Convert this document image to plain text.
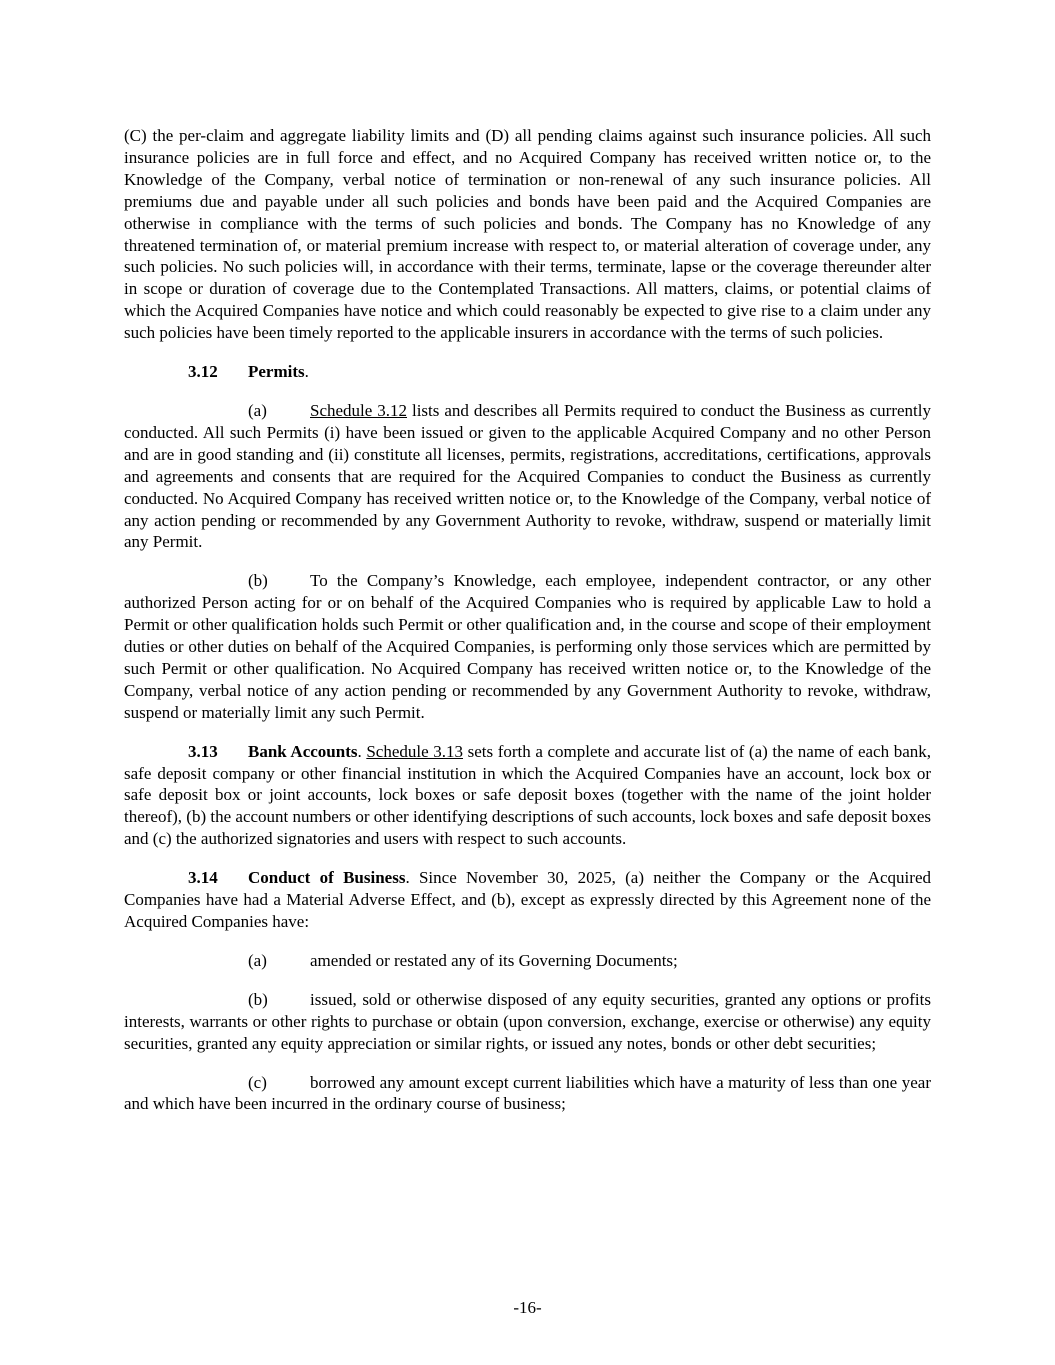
(C) the per-claim and aggregate liability limits and (D) all pending claims against such insurance policies. All such insurance policies are in full force and effect, and no Acquired Company has received written notice or, to the Knowledge of the Company, verbal notice of termination or non-renewal of any such insurance policies. All premiums due and payable under all such policies and bonds have been paid and the Acquired Companies are otherwise in compliance with the terms of such policies and bonds. The Company has no Knowledge of any threatened termination of, or material premium increase with respect to, or material alteration of coverage under, any such policies. No such policies will, in accordance with their terms, terminate, lapse or the coverage thereunder alter in scope or duration of coverage due to the Contemplated Transactions. All matters, claims, or potential claims of which the Acquired Companies have notice and which could reasonably be expected to give rise to a claim under any such policies have been timely reported to the applicable insurers in accordance with the terms of such policies.

3.12 Permits.

(a)	Schedule 3.12 lists and describes all Permits required to conduct the Business as currently conducted. All such Permits (i) have been issued or given to the applicable Acquired Company and no other Person and are in good standing and (ii) constitute all licenses, permits, registrations, accreditations, certifications, approvals and agreements and consents that are required for the Acquired Companies to conduct the Business as currently conducted. No Acquired Company has received written notice or, to the Knowledge of the Company, verbal notice of any action pending or recommended by any Government Authority to revoke, withdraw, suspend or materially limit any Permit.

(b) To the Company’s Knowledge, each employee, independent contractor, or any other authorized Person acting for or on behalf of the Acquired Companies who is required by applicable Law to hold a Permit or other qualification holds such Permit or other qualification and, in the course and scope of their employment duties or other duties on behalf of the Acquired Companies, is performing only those services which are permitted by such Permit or other qualification. No Acquired Company has received written notice or, to the Knowledge of the Company, verbal notice of any action pending or recommended by any Government Authority to revoke, withdraw, suspend or materially limit any such Permit.

3.13 Bank Accounts. Schedule 3.13 sets forth a complete and accurate list of (a) the name of each bank, safe deposit company or other financial institution in which the Acquired Companies have an account, lock box or safe deposit box or joint accounts, lock boxes or safe deposit boxes (together with the name of the joint holder thereof), (b) the account numbers or other identifying descriptions of such accounts, lock boxes and safe deposit boxes and (c) the authorized signatories and users with respect to such accounts.

3.14 Conduct of Business. Since November 30, 2025, (a) neither the Company or the Acquired Companies have had a Material Adverse Effect, and (b), except as expressly directed by this Agreement none of the Acquired Companies have:

(a)	amended or restated any of its Governing Documents;

(b) issued, sold or otherwise disposed of any equity securities, granted any options or profits interests, warrants or other rights to purchase or obtain (upon conversion, exchange, exercise or otherwise) any equity securities, granted any equity appreciation or similar rights, or issued any notes, bonds or other debt securities;

(c)	borrowed any amount except current liabilities which have a maturity of less than one year and which have been incurred in the ordinary course of business;

-16-
